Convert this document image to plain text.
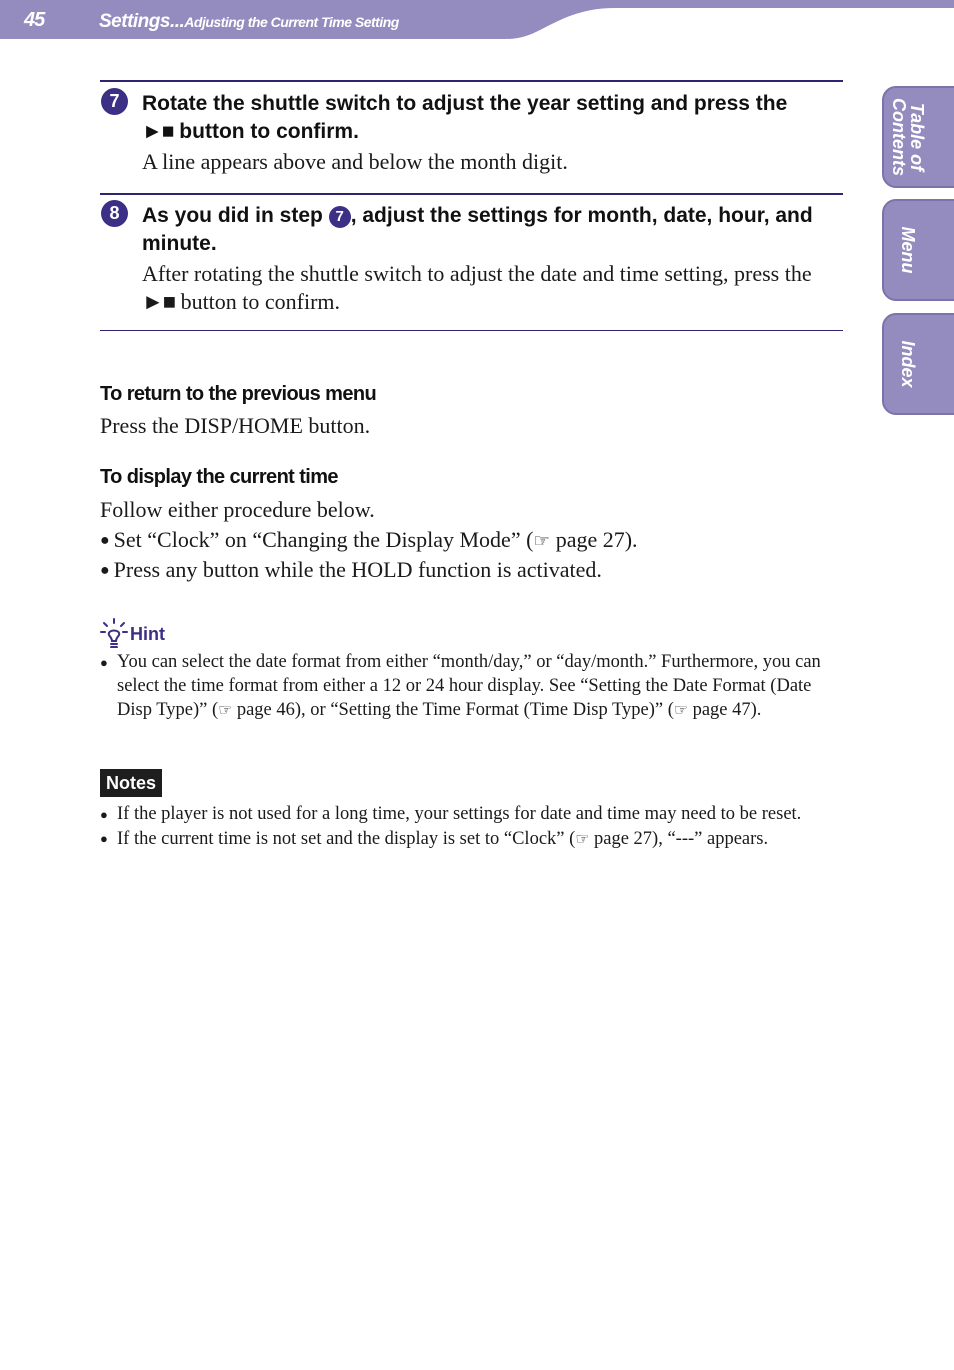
45	Settings...Adjusting the Current Time Setting
Table of
Contents
Menu
Index
7	Rotate the shuttle switch to adjust the year setting and press the
►■ button to confirm.
A line appears above and below the month digit.
8	As you did in step 7 , adjust the settings for month, date, hour, and minute.
After rotating the shuttle switch to adjust the date and time setting, press the ►■ button to confirm.
To return to the previous menu
Press the DISP/HOME button.
To display the current time
Follow either procedure below.
● Set “Clock” on “Changing the Display Mode” (☞ page 27).
● Press any button while the HOLD function is activated.
Hint
● You can select the date format from either “month/day,” or “day/month.” Furthermore, you can select the time format from either a 12 or 24 hour display. See “Setting the Date Format (Date Disp Type)” (☞ page 46), or “Setting the Time Format (Time Disp Type)” (☞ page 47).
Notes
● If the player is not used for a long time, your settings for date and time may need to be reset.
● If the current time is not set and the display is set to “Clock” (☞ page 27), “---” appears.
